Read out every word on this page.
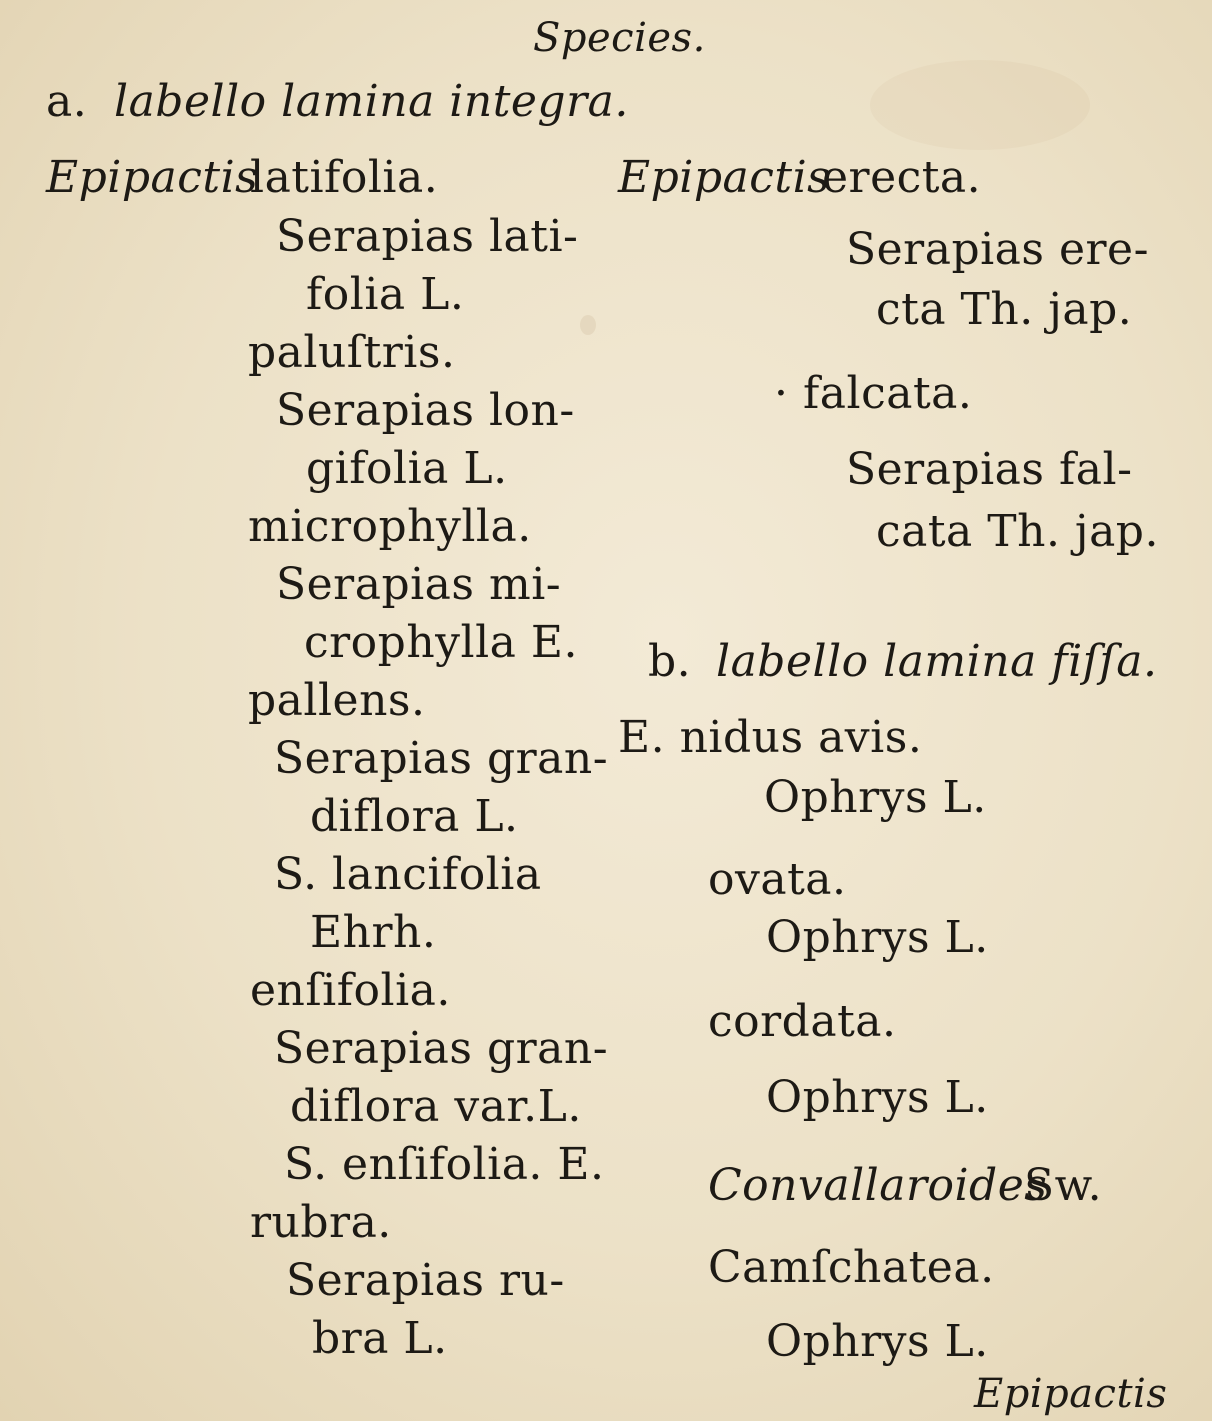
Species.
a. labello lamina integra.
Epipactis
latifolia.
Serapias lati-
folia L.
paluſtris.
Serapias lon-
gifolia L.
microphylla.
Serapias mi-
crophylla E.
pallens.
Serapias gran-
diflora L.
S. lancifolia
Ehrh.
enſifolia.
Serapias gran-
diflora var.L.
S. enſifolia. E.
rubra.
Serapias ru-
bra L.
Epipactis
erecta.
Serapias ere-
cta Th. jap.
· falcata.
Serapias fal-
cata Th. jap.
b. labello lamina fiſſa.
E. nidus avis.
Ophrys L.
ovata.
Ophrys L.
cordata.
Ophrys L.
Convallaroides
Sw.
Camſchatea.
Ophrys L.
Epipactis
